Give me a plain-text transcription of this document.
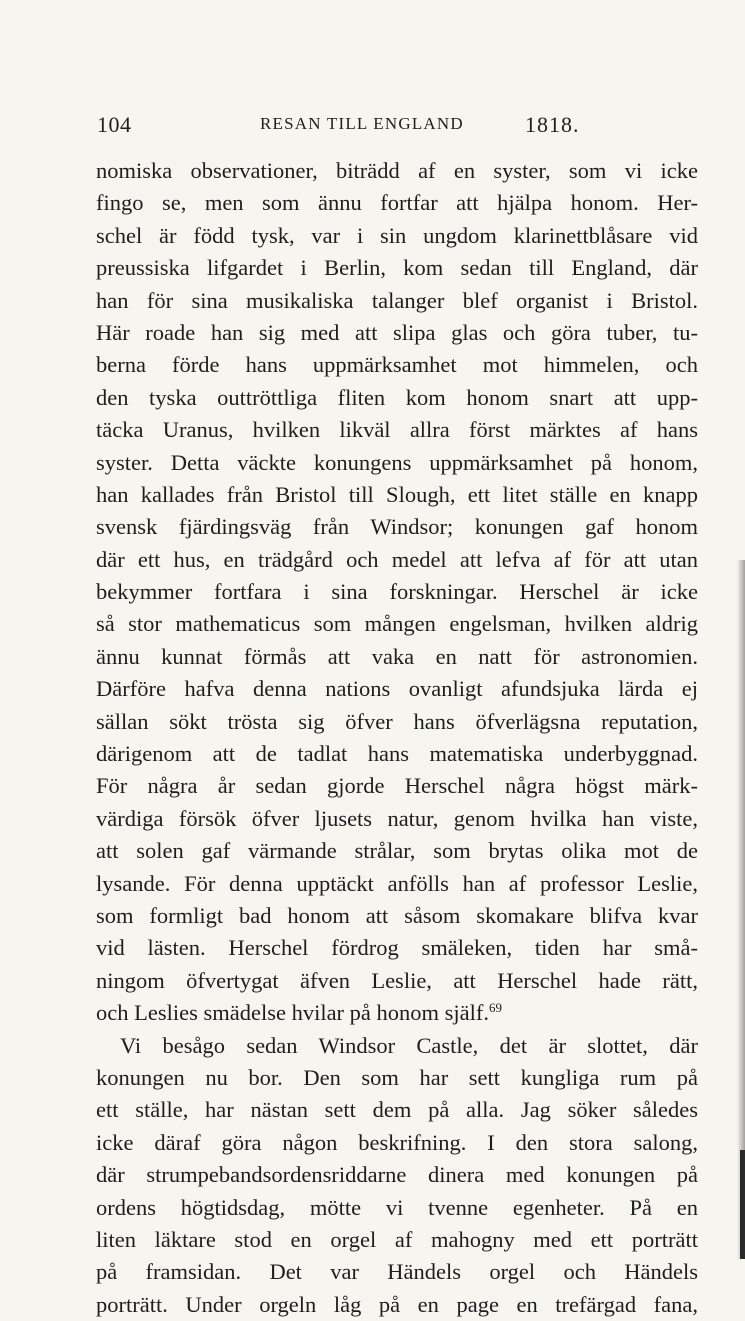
104	RESAN TILL ENGLAND	1818.
nomiska observationer, biträdd af en syster, som vi icke
fingo se, men som ännu fortfar att hjälpa honom. Her-
schel är född tysk, var i sin ungdom klarinettblåsare vid
preussiska lifgardet i Berlin, kom sedan till England, där
han för sina musikaliska talanger blef organist i Bristol.
Här roade han sig med att slipa glas och göra tuber, tu-
berna förde hans uppmärksamhet mot himmelen, och
den tyska outtröttliga fliten kom honom snart att upp-
täcka Uranus, hvilken likväl allra först märktes af hans
syster. Detta väckte konungens uppmärksamhet på honom,
han kallades från Bristol till Slough, ett litet ställe en knapp
svensk fjärdingsväg från Windsor; konungen gaf honom
där ett hus, en trädgård och medel att lefva af för att utan
bekymmer fortfara i sina forskningar. Herschel är icke
så stor mathematicus som mången engelsman, hvilken aldrig
ännu kunnat förmås att vaka en natt för astronomien.
Därföre hafva denna nations ovanligt afundsjuka lärda ej
sällan sökt trösta sig öfver hans öfverlägsna reputation,
därigenom att de tadlat hans matematiska underbyggnad.
För några år sedan gjorde Herschel några högst märk-
värdiga försök öfver ljusets natur, genom hvilka han viste,
att solen gaf värmande strålar, som brytas olika mot de
lysande. För denna upptäckt anfölls han af professor Leslie,
som formligt bad honom att såsom skomakare blifva kvar
vid lästen. Herschel fördrog smäleken, tiden har små-
ningom öfvertygat äfven Leslie, att Herschel hade rätt,
och Leslies smädelse hvilar på honom själf.$^{69}$
Vi besågo sedan Windsor Castle, det är slottet, där
konungen nu bor. Den som har sett kungliga rum på
ett ställe, har nästan sett dem på alla. Jag söker således
icke däraf göra någon beskrifning. I den stora salong,
där strumpebandsordensriddarne dinera med konungen på
ordens högtidsdag, mötte vi tvenne egenheter. På en
liten läktare stod en orgel af mahogny med ett porträtt
på framsidan. Det var Händels orgel och Händels
porträtt. Under orgeln låg på en page en trefärgad fana,
